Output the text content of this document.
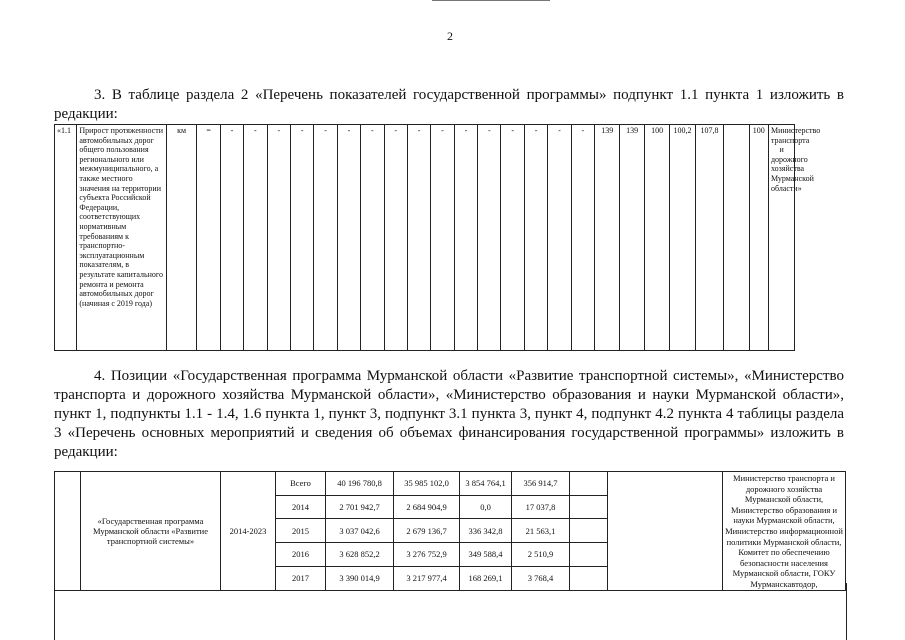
2

3. В таблице раздела 2 «Перечень показателей государственной программы» подпункт 1.1 пункта 1 изложить в редакции:

«1.1	Прирост протяженности автомобильных дорог общего пользования регионального или межмуниципального, а также местного значения на территории субъекта Российской Федерации, соответствующих нормативным требованиям к транспортно-эксплуатационным показателям, в результате капитального ремонта и ремонта автомобильных дорог (начиная с 2019 года)	км	=	-	-	-	-	-	-	-	-	-	-	-	-	-	-	-	-	139	139	100	100,2	107,8		100	Министерство транспорта и дорожного хозяйства Мурманской области»

4. Позиции «Государственная программа Мурманской области «Развитие транспортной системы», «Министерство транспорта и дорожного хозяйства Мурманской области», «Министерство образования и науки Мурманской области», пункт 1, подпункты 1.1 - 1.4, 1.6 пункта 1, пункт 3, подпункт 3.1 пункта 3, пункт 4, подпункт 4.2 пункта 4 таблицы раздела 3 «Перечень основных мероприятий и сведения об объемах финансирования государственной программы» изложить в редакции:

	«Государственная программа Мурманской области «Развитие транспортной системы»	2014-2023	Всего	40 196 780,8	35 985 102,0	3 854 764,1	356 914,7			Министерство транспорта и дорожного хозяйства Мурманской области, Министерство образования и науки Мурманской области, Министерство информационной политики Мурманской области, Комитет по обеспечению безопасности населения Мурманской области, ГОКУ Мурманскавтодор,
			2014	2 701 942,7	2 684 904,9	0,0	17 037,8			
			2015	3 037 042,6	2 679 136,7	336 342,8	21 563,1			
			2016	3 628 852,2	3 276 752,9	349 588,4	2 510,9			
			2017	3 390 014,9	3 217 977,4	168 269,1	3 768,4			
